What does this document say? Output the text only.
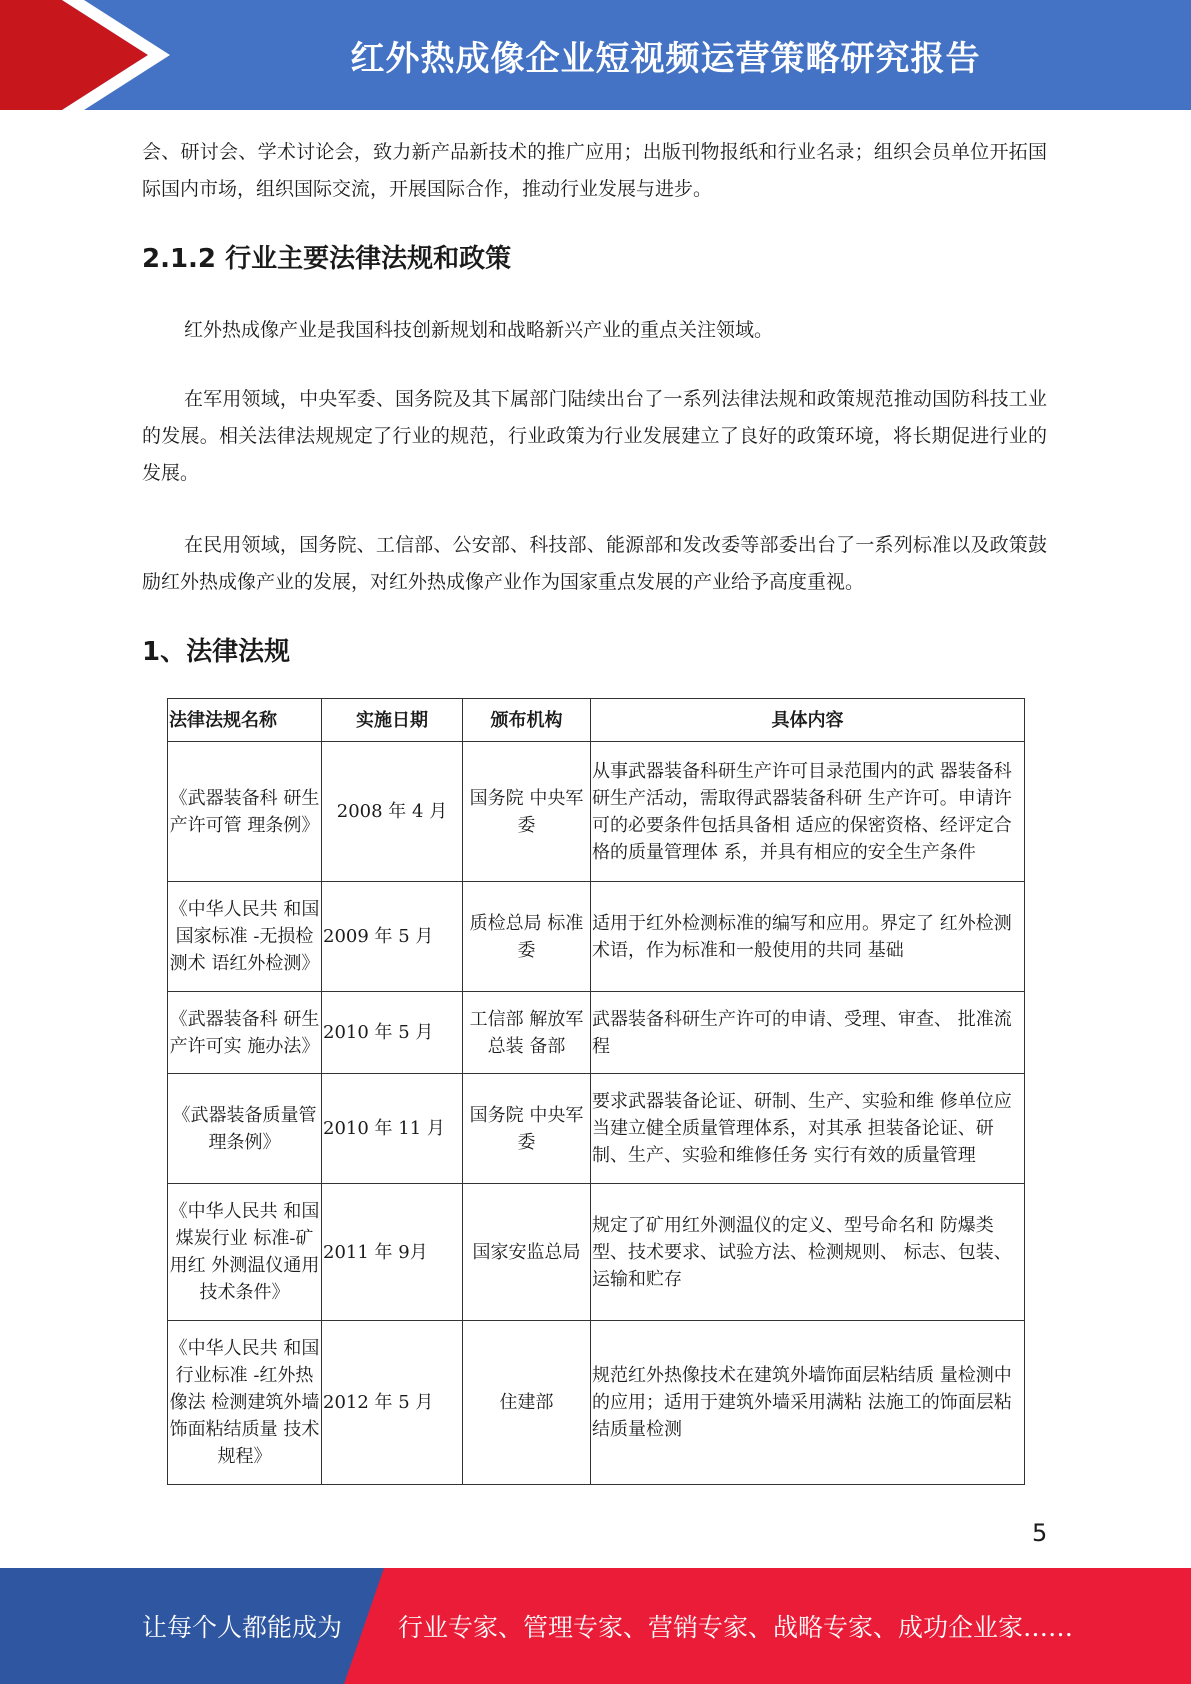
红外热成像企业短视频运营策略研究报告

会、研讨会、学术讨论会，致力新产品新技术的推广应用；出版刊物报纸和行业名录；组织会员单位开拓国际国内市场，组织国际交流，开展国际合作，推动行业发展与进步。

2.1.2 行业主要法律法规和政策

红外热成像产业是我国科技创新规划和战略新兴产业的重点关注领域。

在军用领域，中央军委、国务院及其下属部门陆续出台了一系列法律法规和政策规范推动国防科技工业的发展。相关法律法规规定了行业的规范，行业政策为行业发展建立了良好的政策环境，将长期促进行业的发展。

在民用领域，国务院、工信部、公安部、科技部、能源部和发改委等部委出台了一系列标准以及政策鼓励红外热成像产业的发展，对红外热成像产业作为国家重点发展的产业给予高度重视。

1、法律法规
法律法规名称	实施日期	颁布机构	具体内容
《武器装备科 研生产许可管 理条例》	2008 年 4 月	国务院 中央军委	从事武器装备科研生产许可目录范围内的武 器装备科研生产活动，需取得武器装备科研 生产许可。申请许可的必要条件包括具备相 适应的保密资格、经评定合格的质量管理体 系，并具有相应的安全生产条件
《中华人民共 和国国家标准 -无损检测术 语红外检测》	2009 年 5 月	质检总局 标准委	适用于红外检测标准的编写和应用。界定了 红外检测术语，作为标准和一般使用的共同 基础
《武器装备科 研生产许可实 施办法》	2010 年 5 月	工信部 解放军总装 备部	武器装备科研生产许可的申请、受理、审查、 批准流程
《武器装备质量管理条例》	2010 年 11 月	国务院 中央军委	要求武器装备论证、研制、生产、实验和维 修单位应当建立健全质量管理体系，对其承 担装备论证、研制、生产、实验和维修任务 实行有效的质量管理
《中华人民共 和国煤炭行业 标准-矿用红 外测温仪通用 技术条件》	2011 年 9月	国家安监总局	规定了矿用红外测温仪的定义、型号命名和 防爆类型、技术要求、试验方法、检测规则、 标志、包装、运输和贮存
《中华人民共 和国行业标准 -红外热像法 检测建筑外墙 饰面粘结质量 技术规程》	2012 年 5 月	住建部	规范红外热像技术在建筑外墙饰面层粘结质 量检测中的应用；适用于建筑外墙采用满粘 法施工的饰面层粘结质量检测
5
让每个人都能成为 行业专家、管理专家、营销专家、战略专家、成功企业家……
